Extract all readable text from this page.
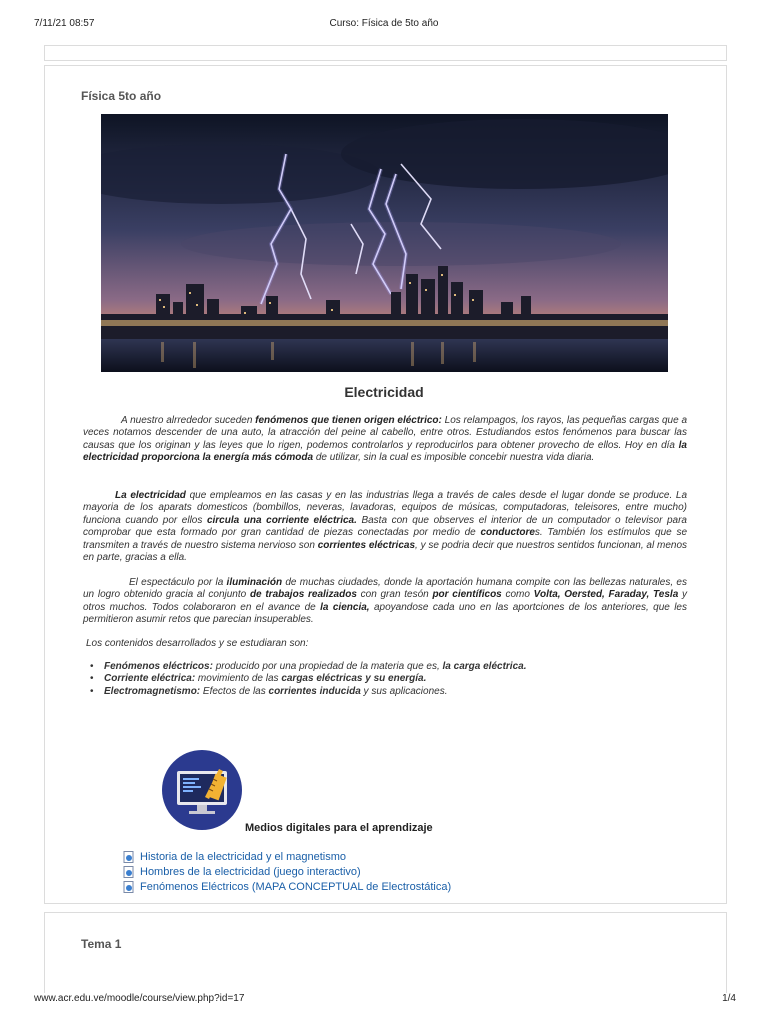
7/11/21 08:57	Curso: Física de 5to año
Física 5to año
Electricidad
A nuestro alrrededor suceden fenómenos que tienen origen eléctrico: Los relampagos, los rayos, las pequeñas cargas que a veces notamos descender de una auto, la atracción del peine al cabello, entre otros. Estudiandos estos fenómenos para buscar las causas que los originan y las leyes que lo rigen, podemos controlarlos y reproducirlos para obtener provecho de ellos. Hoy en día la electricidad proporciona la energía más cómoda de utilizar, sin la cual es imposible concebir nuestra vida diaria.
La electricidad que empleamos en las casas y en las industrias llega a través de cales desde el lugar donde se produce. La mayoria de los aparats domesticos (bombillos, neveras, lavadoras, equipos de músicas, computadoras, teleisores, entre mucho) funciona cuando por ellos circula una corriente eléctrica. Basta con que observes el interior de un computador o televisor para comprobar que esta formado por gran cantidad de piezas conectadas por medio de conductores. También los estímulos que se transmiten a través de nuestro sistema nervioso son corrientes eléctricas, y se podria decir que nuestros sentidos funcionan, al menos en parte, gracias a ella.
El espectáculo por la iluminación de muchas ciudades, donde la aportación humana compite con las bellezas naturales, es un logro obtenido gracia al conjunto de trabajos realizados con gran tesón por científicos como Volta, Oersted, Faraday, Tesla y otros muchos. Todos colaboraron en el avance de la ciencia, apoyandose cada uno en las aportciones de los anteriores, que les permitieron asumir retos que parecian insuperables.
Los contenidos desarrollados y se estudiaran son:
• Fenómenos eléctricos: producido por una propiedad de la materia que es, la carga eléctrica.
• Corriente eléctrica: movimiento de las cargas eléctricas y su energía.
• Electromagnetismo: Efectos de las corrientes inducida y sus aplicaciones.
Medios digitales para el aprendizaje
Historia de la electricidad y el magnetismo
Hombres de la electricidad (juego interactivo)
Fenómenos Eléctricos (MAPA CONCEPTUAL de Electrostática)
Tema 1
www.acr.edu.ve/moodle/course/view.php?id=17	1/4
